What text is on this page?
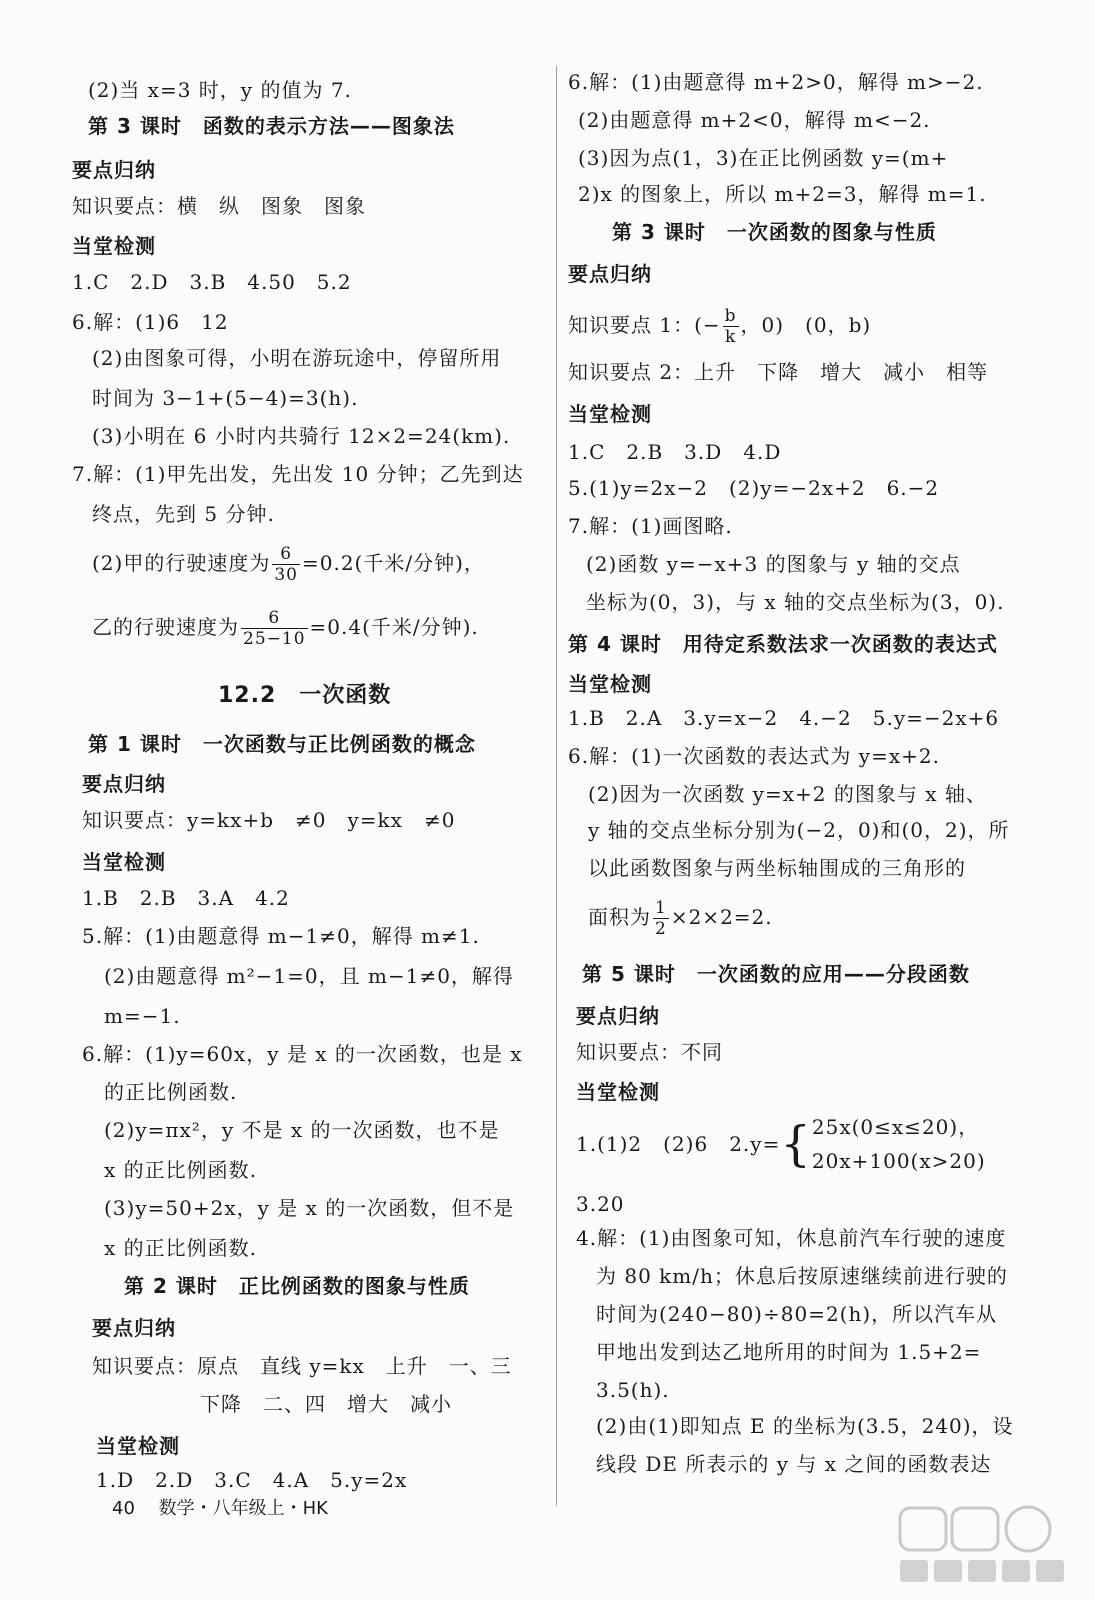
(2)当 x=3 时，y 的值为 7.
第 3 课时　函数的表示方法——图象法
要点归纳
知识要点：横　纵　图象　图象
当堂检测
1.C　2.D　3.B　4.50　5.2
6.解：(1)6　12
(2)由图象可得，小明在游玩途中，停留所用
时间为 3−1+(5−4)=3(h).
(3)小明在 6 小时内共骑行 12×2=24(km).
7.解：(1)甲先出发，先出发 10 分钟；乙先到达
终点，先到 5 分钟.
(2)甲的行驶速度为 $\frac{6}{30} =0.2$(千米/分钟)，
乙的行驶速度为 $\frac{6}{25-10} =0.4$(千米/分钟).
12.2　一次函数
第 1 课时　一次函数与正比例函数的概念
要点归纳
知识要点：y=kx+b　≠0　y=kx　≠0
当堂检测
1.B　2.B　3.A　4.2
5.解：(1)由题意得 m−1≠0，解得 m≠1.
(2)由题意得 m²−1=0，且 m−1≠0，解得
m=−1.
6.解：(1)y=60x，y 是 x 的一次函数，也是 x
的正比例函数.
(2)y=πx²，y 不是 x 的一次函数，也不是
x 的正比例函数.
(3)y=50+2x，y 是 x 的一次函数，但不是
x 的正比例函数.
第 2 课时　正比例函数的图象与性质
要点归纳
知识要点：原点　直线 y=kx　上升　一、三
下降　二、四　增大　减小
当堂检测
1.D　2.D　3.C　4.A　5.y=2x
6.解：(1)由题意得 m+2>0，解得 m>−2.
(2)由题意得 m+2<0，解得 m<−2.
(3)因为点(1，3)在正比例函数 y=(m+
2)x 的图象上，所以 m+2=3，解得 m=1.
第 3 课时　一次函数的图象与性质
要点归纳
知识要点 1：(− $\frac{b}{k}$ ，0)　(0，b)
知识要点 2：上升　下降　增大　减小　相等
当堂检测
1.C　2.B　3.D　4.D
5.(1)y=2x−2　(2)y=−2x+2　6.−2
7.解：(1)画图略.
(2)函数 y=−x+3 的图象与 y 轴的交点
坐标为(0，3)，与 x 轴的交点坐标为(3，0).
第 4 课时　用待定系数法求一次函数的表达式
当堂检测
1.B　2.A　3.y=x−2　4.−2　5.y=−2x+6
6.解：(1)一次函数的表达式为 y=x+2.
(2)因为一次函数 y=x+2 的图象与 x 轴、
y 轴的交点坐标分别为(−2，0)和(0，2)，所
以此函数图象与两坐标轴围成的三角形的
面积为 $\frac{1}{2} \times 2\times 2=2$.
第 5 课时　一次函数的应用——分段函数
要点归纳
知识要点：不同
当堂检测
1.(1)2　(2)6　2.y={ 25x(0≤x≤20)，
20x+100(x>20)
3.20
4.解：(1)由图象可知，休息前汽车行驶的速度
为 80 km/h；休息后按原速继续前进行驶的
时间为(240−80)÷80=2(h)，所以汽车从
甲地出发到达乙地所用的时间为 1.5+2=
3.5(h).
(2)由(1)即知点 E 的坐标为(3.5，240)，设
线段 DE 所表示的 y 与 x 之间的函数表达
40 数学・八年级上・HK
